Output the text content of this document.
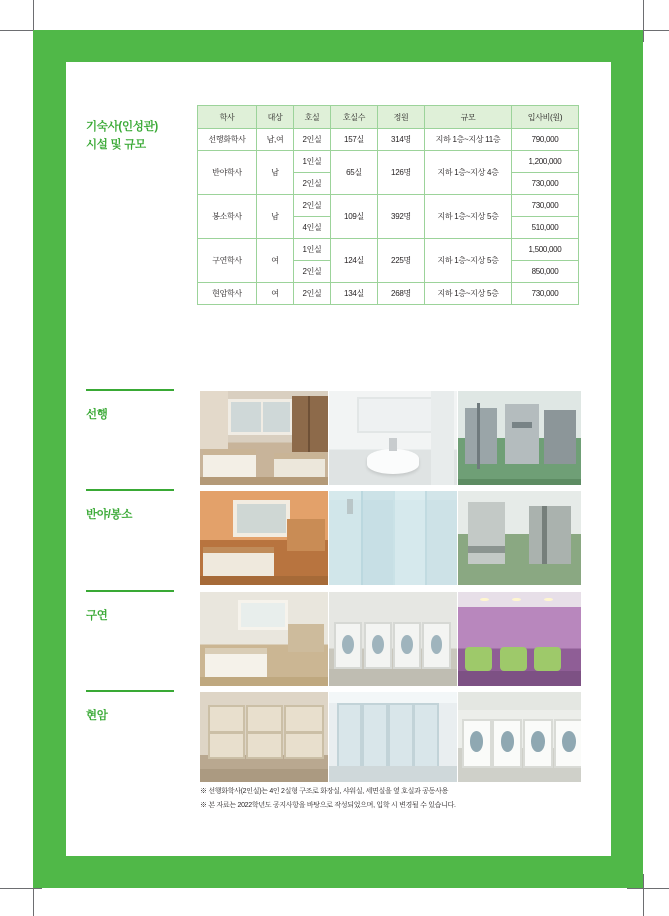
기숙사(인성관)
시설 및 규모
학사	대상	호실	호실수	정원	규모	입사비(원)
선행화학사	남,여	2인실	157실	314명	지하 1층~지상 11층	790,000
반야학사	남	1인실	65실	126명	지하 1층~지상 4층	1,200,000
		2인실				730,000
봉소학사	남	2인실	109실	392명	지하 1층~지상 5층	730,000
		4인실				510,000
구연학사	여	1인실	124실	225명	지하 1층~지상 5층	1,500,000
		2인실				850,000
현암학사	여	2인실	134실	268명	지하 1층~지상 5층	730,000
선행
반야/봉소
구연
현암
※ 선행화학사(2인실)는 4인 2실형 구조로 화장실, 샤워실, 세면실을 옆 호실과 공동사용
※ 본 자료는 2022학년도 공지사항을 바탕으로 작성되었으며, 입학 시 변경될 수 있습니다.
